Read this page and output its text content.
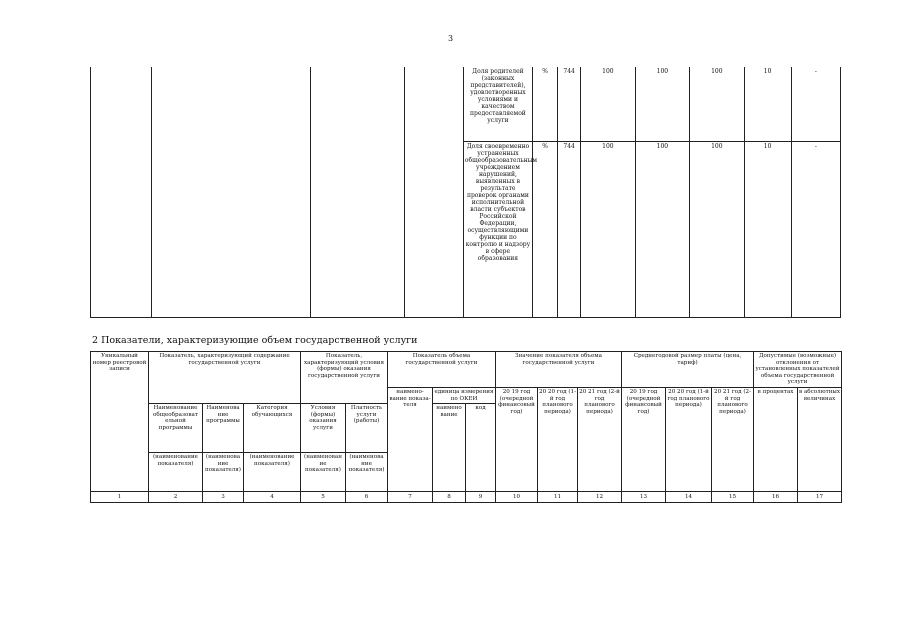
3
				Доля родителей (законных представителей), удовлетворенных условиями и качеством предоставляемой услуги	%	744	100	100	100	10	-
				Доля своевременно устраненных общеобразовательным учреждением нарушений, выявленных в результате проверок органами исполнительной власти субъектов Российской Федерации, осуществляющими функции по контролю и надзору в сфере образования	%	744	100	100	100	10	-
2 Показатели, характеризующие объем государственной услуги
Уникальный номер реестровой записи	Показатель, характеризующий содержание государственной услуги			Показатель, характеризующий условия (формы) оказания государственной услуги		Показатель объема государственной услуги			Значение показателя объема государственной услуги			Среднегодовой размер платы (цена, тариф)			Допустимые (возможные) отклонения от установленных показателей объема государственной услуги	
						наимено-вание показа-теля	единица измерения по ОКЕИ		20 19 год (очередной финансовый год)	20 20 год (1-й год планового периода)	20 21 год (2-й год планового периода)	20 19 год (очередной финансовый год)	20 20 год (1-й год планового периода)	20 21 год (2-й год планового периода)	в процентах	в абсолютных величинах
	Наименование общеобразоват ельной программы	Наименова ние программы	Категория обучающихся	Условия (формы) оказания услуги	Платность услуги (работы)		наимено вание	код								
	(наименование показателя)	(наименова ние показателя)	(наименование показателя)	(наименован ие показателя)	(наименова ние показателя)											
1	2	3	4	5	6	7	8	9	10	11	12	13	14	15	16	17
